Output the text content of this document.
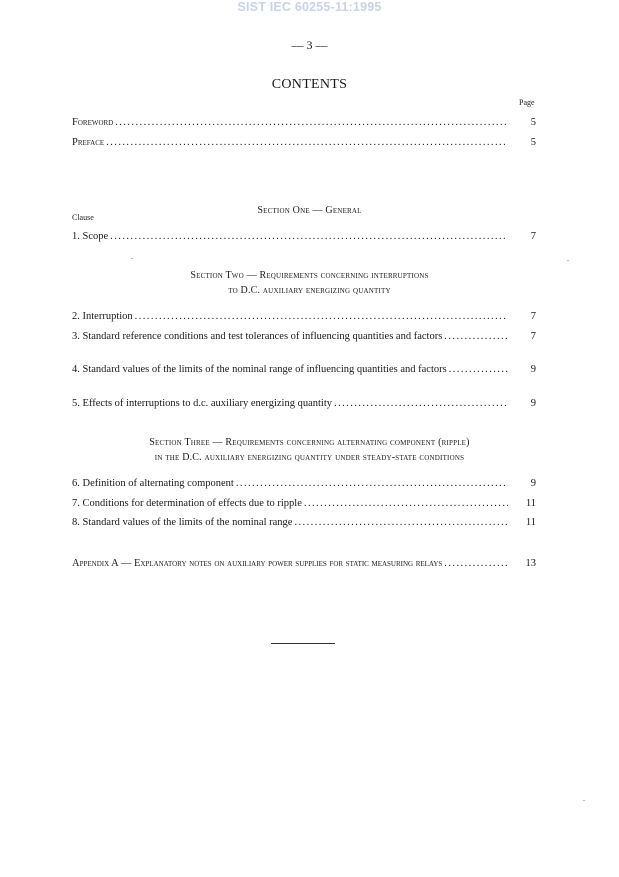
SIST IEC 60255-11:1995
— 3 —
CONTENTS
Page
Foreword . . .	5
Preface . . .	5
Section One — General
Clause
1. Scope . . .	7
Section Two — Requirements concerning interruptions
to D.C. auxiliary energizing quantity
2. Interruption . . .	7
3. Standard reference conditions and test tolerances of influencing quantities and factors . . .	7
4. Standard values of the limits of the nominal range of influencing quantities and factors . . .	9
5. Effects of interruptions to d.c. auxiliary energizing quantity . . .	9
Section Three — Requirements concerning alternating component (ripple)
in the D.C. auxiliary energizing quantity under steady-state conditions
6. Definition of alternating component . . .	9
7. Conditions for determination of effects due to ripple . . .	11
8. Standard values of the limits of the nominal range . . .	11
Appendix A — Explanatory notes on auxiliary power supplies for static measuring relays . . .	13
